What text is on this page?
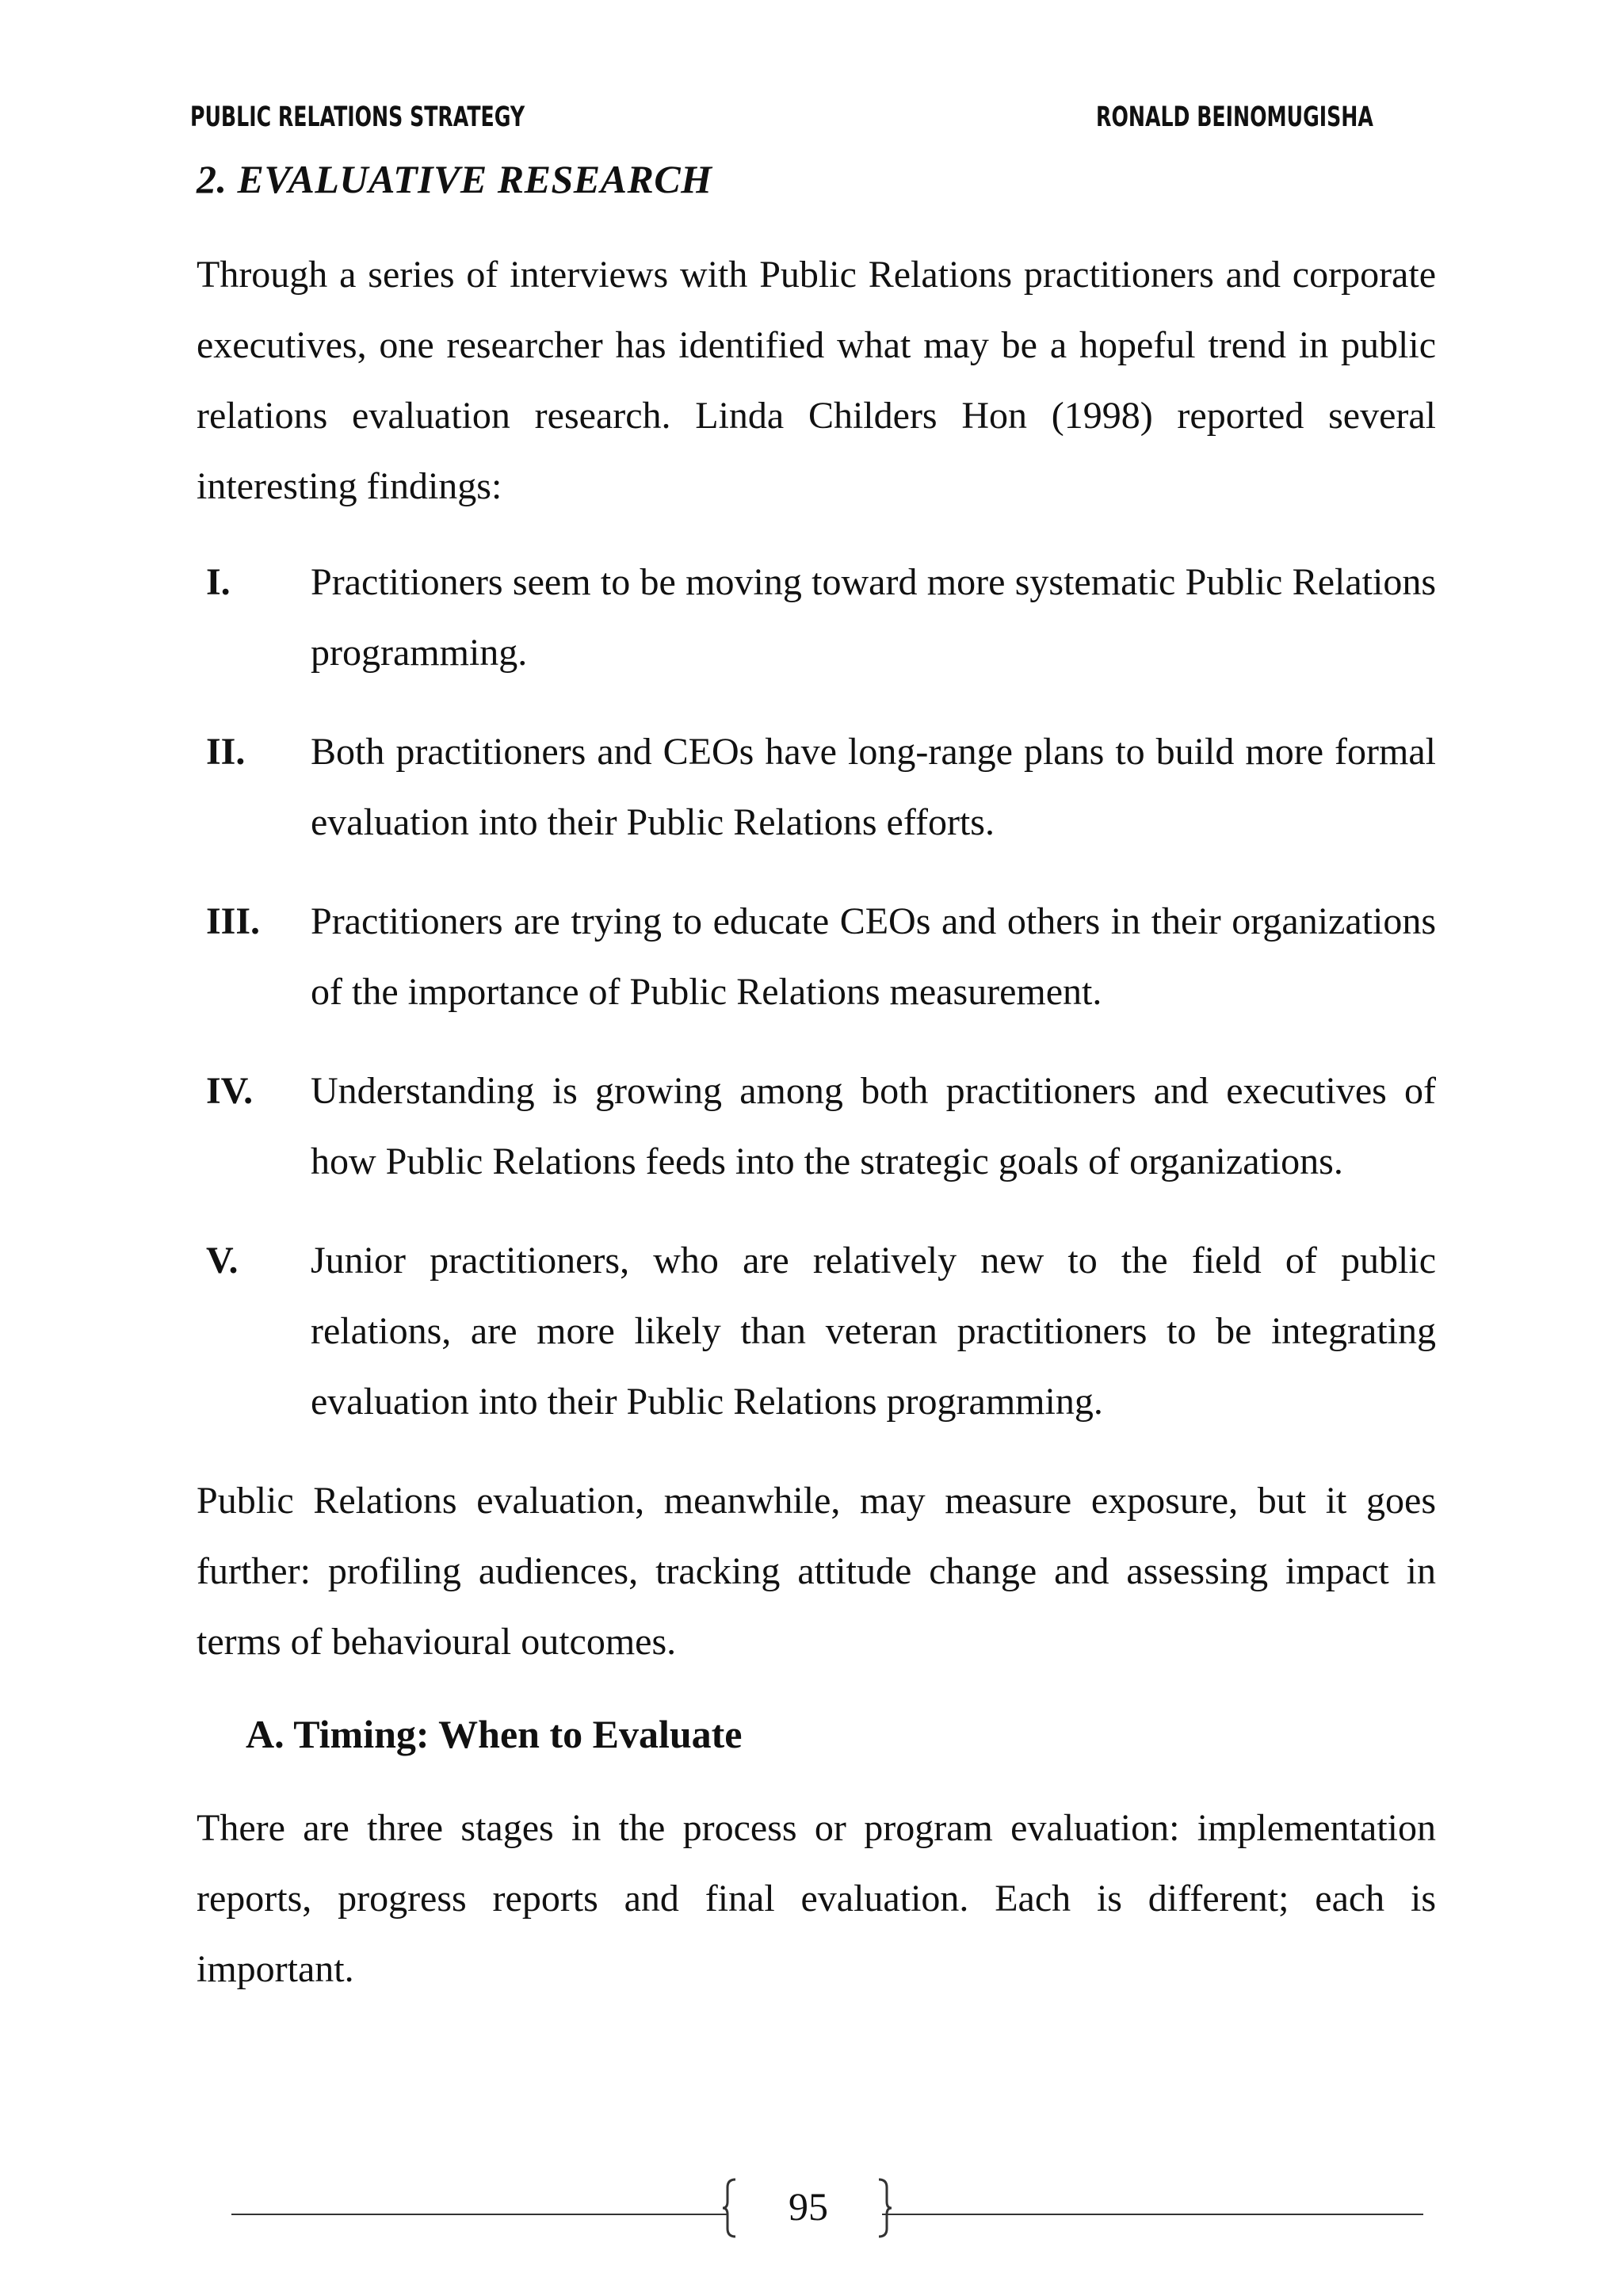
PUBLIC RELATIONS STRATEGY	RONALD BEINOMUGISHA
2. EVALUATIVE RESEARCH

Through a series of interviews with Public Relations practitioners and corporate executives, one researcher has identified what may be a hopeful trend in public relations evaluation research. Linda Childers Hon (1998) reported several interesting findings:

I.	Practitioners seem to be moving toward more systematic Public Relations programming.
II.	Both practitioners and CEOs have long-range plans to build more formal evaluation into their Public Relations efforts.
III.	Practitioners are trying to educate CEOs and others in their organizations of the importance of Public Relations measurement.
IV.	Understanding is growing among both practitioners and executives of how Public Relations feeds into the strategic goals of organizations.
V.	Junior practitioners, who are relatively new to the field of public relations, are more likely than veteran practitioners to be integrating evaluation into their Public Relations programming.

Public Relations evaluation, meanwhile, may measure exposure, but it goes further: profiling audiences, tracking attitude change and assessing impact in terms of behavioural outcomes.

A. Timing: When to Evaluate

There are three stages in the process or program evaluation: implementation reports, progress reports and final evaluation. Each is different; each is important.

95
